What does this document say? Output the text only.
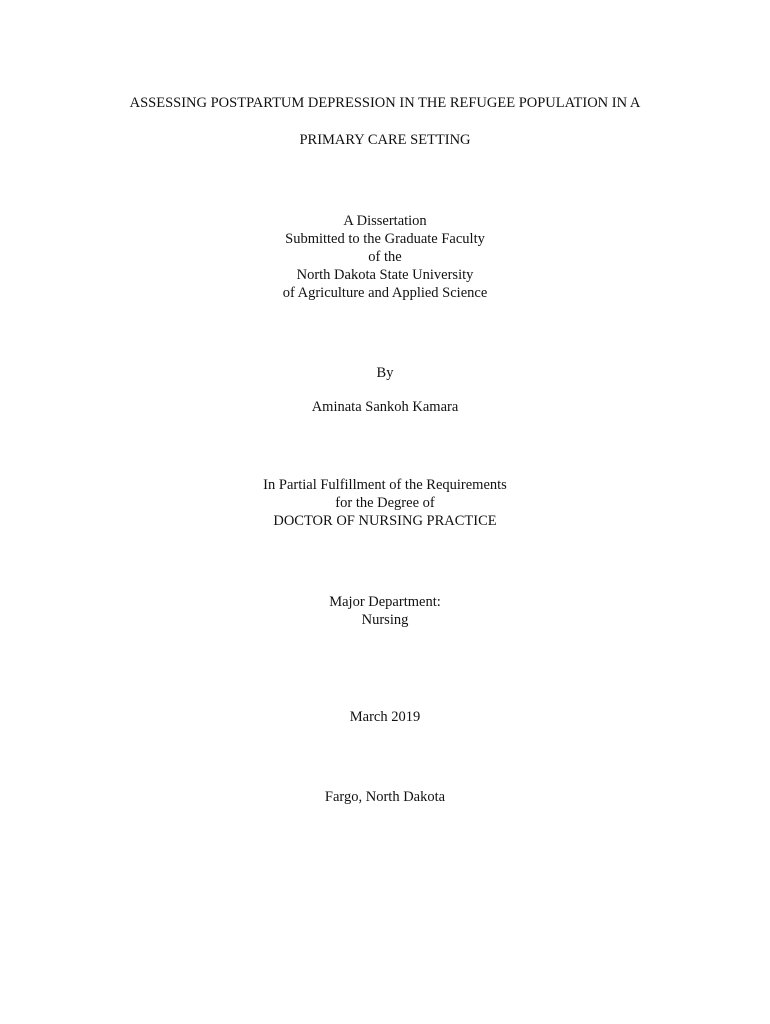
ASSESSING POSTPARTUM DEPRESSION IN THE REFUGEE POPULATION IN A
PRIMARY CARE SETTING
A Dissertation
Submitted to the Graduate Faculty
of the
North Dakota State University
of Agriculture and Applied Science
By
Aminata Sankoh Kamara
In Partial Fulfillment of the Requirements
for the Degree of
DOCTOR OF NURSING PRACTICE
Major Department:
Nursing
March 2019
Fargo, North Dakota
